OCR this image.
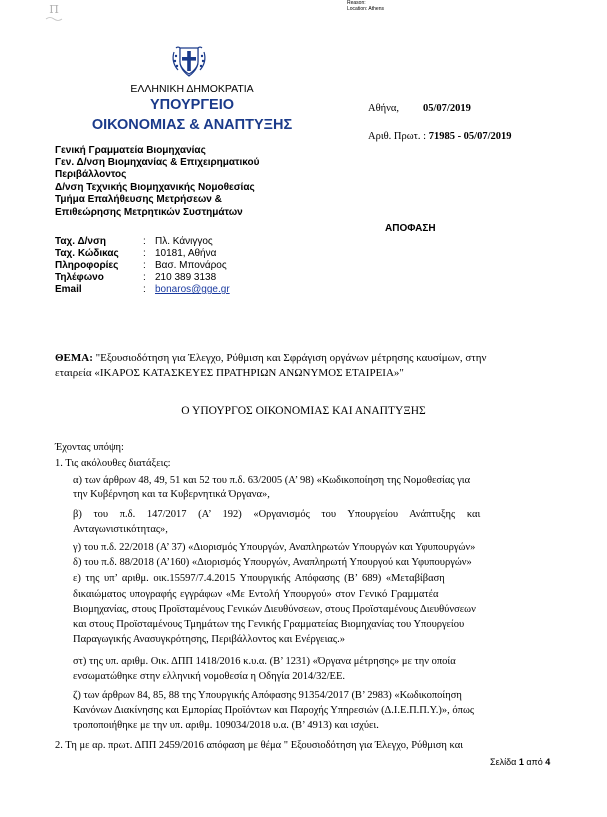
Reason:
Location: Athens
Π
ΕΛΛΗΝΙΚΗ ΔΗΜΟΚΡΑΤΙΑ
ΥΠΟΥΡΓΕΙΟ
ΟΙΚΟΝΟΜΙΑΣ & ΑΝΑΠΤΥΞΗΣ
Γενική Γραμματεία Βιομηχανίας
Γεν. Δ/νση Βιομηχανίας & Επιχειρηματικού
Περιβάλλοντος
Δ/νση Τεχνικής Βιομηχανικής Νομοθεσίας
Τμήμα Επαλήθευσης Μετρήσεων &
Επιθεώρησης Μετρητικών Συστημάτων
Αθήνα, 05/07/2019
Αριθ. Πρωτ. : 71985 - 05/07/2019
ΑΠΟΦΑΣΗ
Ταχ. Δ/νση	: Πλ. Κάνιγγος
Ταχ. Κώδικας : 10181, Αθήνα
Πληροφορίες : Βασ. Μπονάρος
Τηλέφωνο	: 210 389 3138
Email	: bonaros@gge.gr
ΘΕΜΑ: "Εξουσιοδότηση για Έλεγχο, Ρύθμιση και Σφράγιση οργάνων μέτρησης καυσίμων, στην
εταιρεία «ΙΚΑΡΟΣ ΚΑΤΑΣΚΕΥΕΣ ΠΡΑΤΗΡΙΩΝ ΑΝΩΝΥΜΟΣ ΕΤΑΙΡΕΙΑ»"
Ο ΥΠΟΥΡΓΟΣ ΟΙΚΟΝΟΜΙΑΣ ΚΑΙ ΑΝΑΠΤΥΞΗΣ
Έχοντας υπόψη:
1. Τις ακόλουθες διατάξεις:
α) των άρθρων 48, 49, 51 και 52 του π.δ. 63/2005 (Α’ 98) «Κωδικοποίηση της Νομοθεσίας για
την Κυβέρνηση και τα Κυβερνητικά Όργανα»,
β) του π.δ. 147/2017 (Α’ 192) «Οργανισμός του Υπουργείου Ανάπτυξης και
Ανταγωνιστικότητας»,
γ) του π.δ. 22/2018 (Α’ 37) «Διορισμός Υπουργών, Αναπληρωτών Υπουργών και Υφυπουργών»
δ) του π.δ. 88/2018 (Α’160) «Διορισμός Υπουργών, Αναπληρωτή Υπουργού και Υφυπουργών»
ε) της υπ’ αριθμ. οικ.15597/7.4.2015 Υπουργικής Απόφασης (Β’ 689) «Μεταβίβαση
δικαιώματος υπογραφής εγγράφων «Με Εντολή Υπουργού» στον Γενικό Γραμματέα
Βιομηχανίας, στους Προϊσταμένους Γενικών Διευθύνσεων, στους Προϊσταμένους Διευθύνσεων
και στους Προϊσταμένους Τμημάτων της Γενικής Γραμματείας Βιομηχανίας του Υπουργείου
Παραγωγικής Ανασυγκρότησης, Περιβάλλοντος και Ενέργειας.»
στ) της υπ. αριθμ. Οικ. ΔΠΠ 1418/2016 κ.υ.α. (Β’ 1231) «Όργανα μέτρησης» με την οποία
ενσωματώθηκε στην ελληνική νομοθεσία η Οδηγία 2014/32/ΕΕ.
ζ) των άρθρων 84, 85, 88 της Υπουργικής Απόφασης 91354/2017 (Β’ 2983) «Κωδικοποίηση
Κανόνων Διακίνησης και Εμπορίας Προϊόντων και Παροχής Υπηρεσιών (Δ.Ι.Ε.Π.Π.Υ.)», όπως
τροποποιήθηκε με την υπ. αριθμ. 109034/2018 υ.α. (Β’ 4913) και ισχύει.
2. Τη με αρ. πρωτ. ΔΠΠ 2459/2016 απόφαση με θέμα " Εξουσιοδότηση για Έλεγχο, Ρύθμιση και
Σελίδα 1 από 4
